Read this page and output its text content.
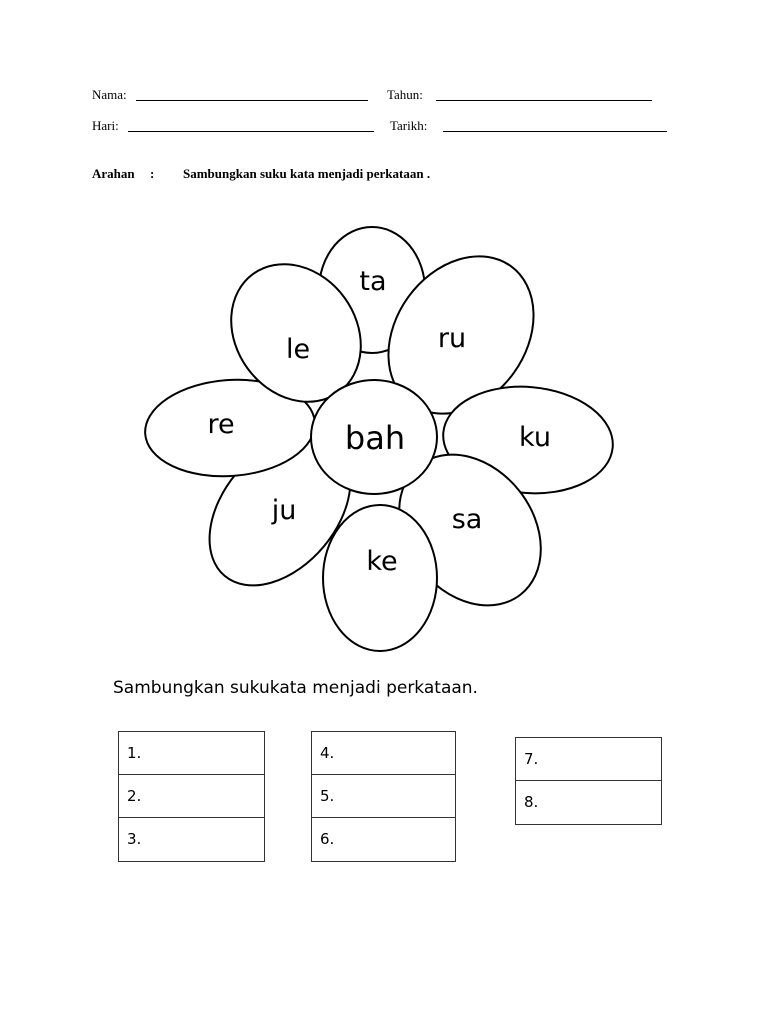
Nama:	Tahun:
Hari:	Tarikh:
Arahan : Sambungkan suku kata menjadi perkataan .
ta
ru
ku
sa
ke
ju
re
le
bah
Sambungkan sukukata menjadi perkataan.
1.
2.
3.
4.
5.
6.
7.
8.
